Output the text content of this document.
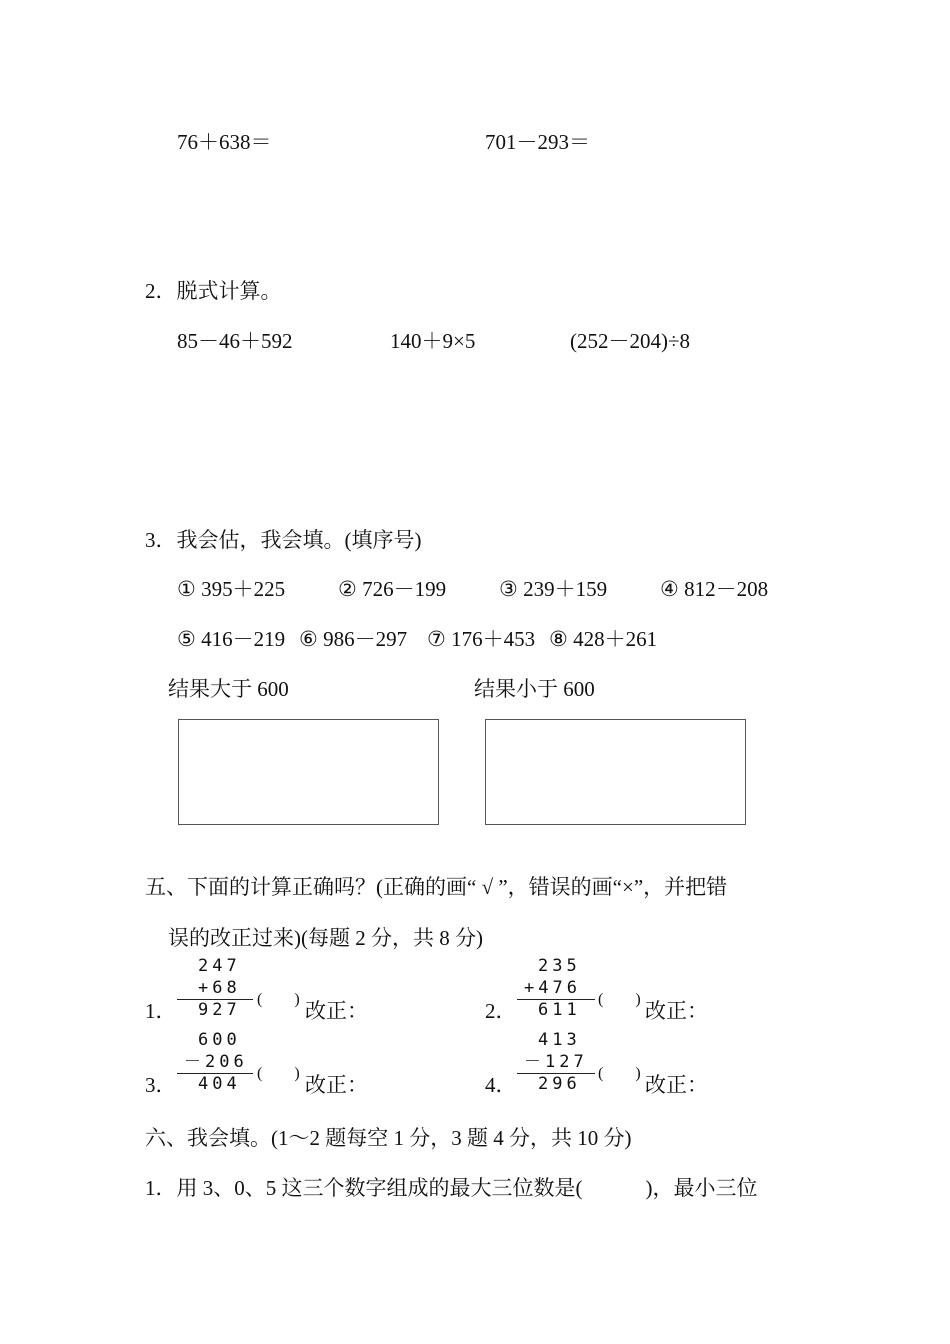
76＋638＝	701－293＝
2．脱式计算。
85－46＋592	140＋9×5	(252－204)÷8
3．我会估，我会填。(填序号)
① 395＋225	② 726－199	③ 239＋159	④ 812－208
⑤ 416－219 ⑥ 986－297 ⑦ 176＋453 ⑧ 428＋261
结果大于 600	结果小于 600
五、下面的计算正确吗？(正确的画“ √ ”，错误的画“×”，并把错
误的改正过来)(每题 2 分，共 8 分)
1．
247
+68
927
(　　) 改正：	2．
235
+476
611
(　　) 改正：
3．
600
－206
404
(　　) 改正：	4．
413
－127
296
(　　) 改正：
六、我会填。(1～2 题每空 1 分，3 题 4 分，共 10 分)
1．用 3、0、5 这三个数字组成的最大三位数是(　　　)，最小三位
